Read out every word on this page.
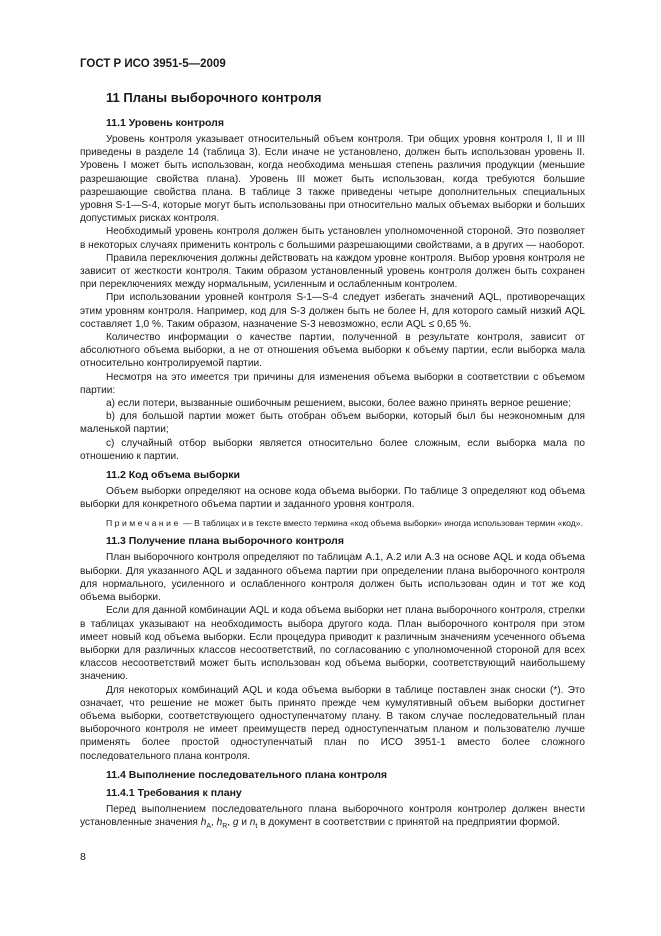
ГОСТ Р ИСО 3951-5—2009
11 Планы выборочного контроля
11.1 Уровень контроля

Уровень контроля указывает относительный объем контроля. Три общих уровня контроля I, II и III приведены в разделе 14 (таблица 3). Если иначе не установлено, должен быть использован уровень II. Уровень I может быть использован, когда необходима меньшая степень различия продукции (меньшие разрешающие свойства плана). Уровень III может быть использован, когда требуются большие разрешающие свойства плана. В таблице 3 также приведены четыре дополнительных специальных уровня S-1—S-4, которые могут быть использованы при относительно малых объемах выборки и больших допустимых рисках контроля.

Необходимый уровень контроля должен быть установлен уполномоченной стороной. Это позволяет в некоторых случаях применить контроль с большими разрешающими свойствами, а в других — наоборот.

Правила переключения должны действовать на каждом уровне контроля. Выбор уровня контроля не зависит от жесткости контроля. Таким образом установленный уровень контроля должен быть сохранен при переключениях между нормальным, усиленным и ослабленным контролем.

При использовании уровней контроля S-1—S-4 следует избегать значений AQL, противоречащих этим уровням контроля. Например, код для S-3 должен быть не более Н, для которого самый низкий AQL составляет 1,0 %. Таким образом, назначение S-3 невозможно, если AQL ≤ 0,65 %.

Количество информации о качестве партии, полученной в результате контроля, зависит от абсолютного объема выборки, а не от отношения объема выборки к объему партии, если выборка мала относительно контролируемой партии.

Несмотря на это имеется три причины для изменения объема выборки в соответствии с объемом партии:

а) если потери, вызванные ошибочным решением, высоки, более важно принять верное решение;

b) для большой партии может быть отобран объем выборки, который был бы неэкономным для маленькой партии;

с) случайный отбор выборки является относительно более сложным, если выборка мала по отношению к партии.

11.2 Код объема выборки

Объем выборки определяют на основе кода объема выборки. По таблице 3 определяют код объема выборки для конкретного объема партии и заданного уровня контроля.

Примечание — В таблицах и в тексте вместо термина «код объема выборки» иногда использован термин «код».

11.3 Получение плана выборочного контроля

План выборочного контроля определяют по таблицам А.1, А.2 или А.3 на основе AQL и кода объема выборки. Для указанного AQL и заданного объема партии при определении плана выборочного контроля для нормального, усиленного и ослабленного контроля должен быть использован один и тот же код объема выборки.

Если для данной комбинации AQL и кода объема выборки нет плана выборочного контроля, стрелки в таблицах указывают на необходимость выбора другого кода. План выборочного контроля при этом имеет новый код объема выборки. Если процедура приводит к различным значениям усеченного объема выборки для различных классов несоответствий, по согласованию с уполномоченной стороной для всех классов несоответствий может быть использован код объема выборки, соответствующий наибольшему значению.

Для некоторых комбинаций AQL и кода объема выборки в таблице поставлен знак сноски (*). Это означает, что решение не может быть принято прежде чем кумулятивный объем выборки достигнет объема выборки, соответствующего одноступенчатому плану. В таком случае последовательный план выборочного контроля не имеет преимуществ перед одноступенчатым планом и пользователю лучше применять более простой одноступенчатый план по ИСО 3951-1 вместо более сложного последовательного плана контроля.

11.4 Выполнение последовательного плана контроля
11.4.1 Требования к плану

Перед выполнением последовательного плана выборочного контроля контролер должен внести установленные значения $h_A$, $h_R$, g и $n_t$ в документ в соответствии с принятой на предприятии формой.

8
